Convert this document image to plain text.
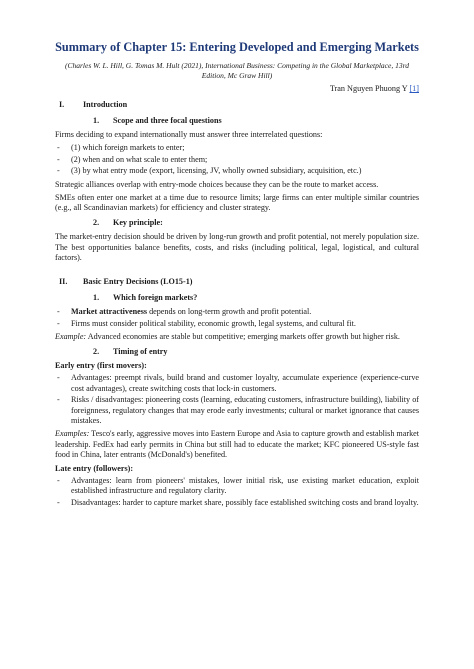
Summary of Chapter 15: Entering Developed and Emerging Markets
(Charles W. L. Hill, G. Tomas M. Hult (2021), International Business: Competing in the Global Marketplace, 13rd Edition, Mc Graw Hill)
Tran Nguyen Phuong Y [1]
I.	Introduction
1.	Scope and three focal questions

Firms deciding to expand internationally must answer three interrelated questions:

-	(1) which foreign markets to enter;
-	(2) when and on what scale to enter them;
-	(3) by what entry mode (export, licensing, JV, wholly owned subsidiary, acquisition, etc.)

Strategic alliances overlap with entry-mode choices because they can be the route to market access.

SMEs often enter one market at a time due to resource limits; large firms can enter multiple similar countries (e.g., all Scandinavian markets) for efficiency and cluster strategy.

2.	Key principle:

The market-entry decision should be driven by long-run growth and profit potential, not merely population size. The best opportunities balance benefits, costs, and risks (including political, legal, logistical, and cultural factors).

II.	Basic Entry Decisions (LO15-1)
1.	Which foreign markets?
-	Market attractiveness depends on long-term growth and profit potential.
-	Firms must consider political stability, economic growth, legal systems, and cultural fit.

Example: Advanced economies are stable but competitive; emerging markets offer growth but higher risk.

2.	Timing of entry
Early entry (first movers):
-	Advantages: preempt rivals, build brand and customer loyalty, accumulate experience (experience-curve cost advantages), create switching costs that lock-in customers.
-	Risks / disadvantages: pioneering costs (learning, educating customers, infrastructure building), liability of foreignness, regulatory changes that may erode early investments; cultural or market ignorance that causes mistakes.

Examples: Tesco's early, aggressive moves into Eastern Europe and Asia to capture growth and establish market leadership. FedEx had early permits in China but still had to educate the market; KFC pioneered US-style fast food in China, later entrants (McDonald's) benefited.

Late entry (followers):
-	Advantages: learn from pioneers' mistakes, lower initial risk, use existing market education, exploit established infrastructure and regulatory clarity.
-	Disadvantages: harder to capture market share, possibly face established switching costs and brand loyalty.
